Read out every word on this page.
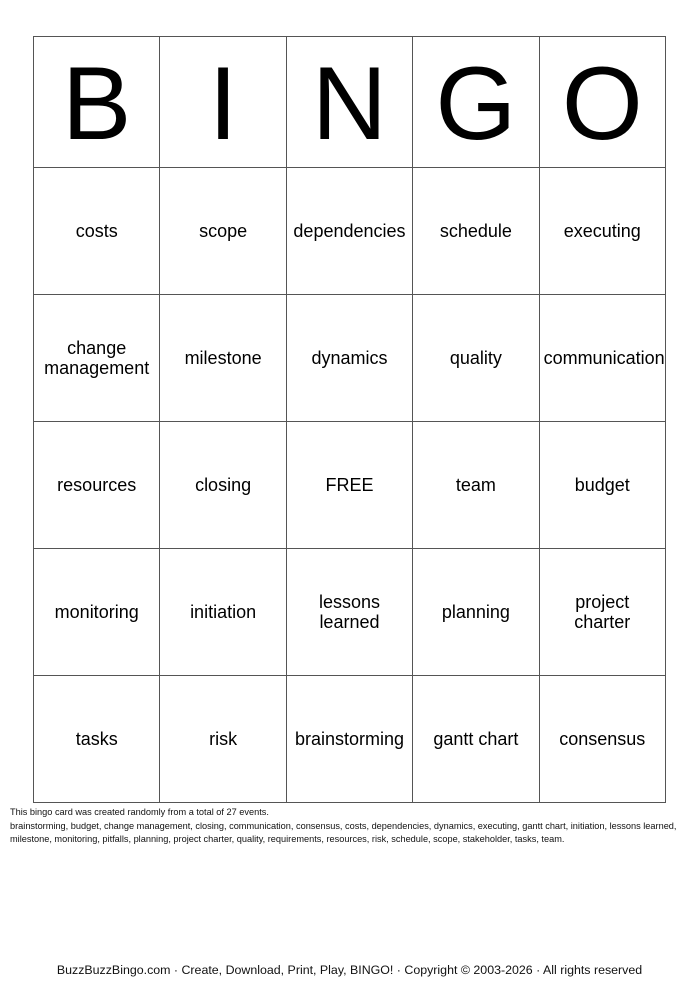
B	I	N	G	O
costs	scope	dependencies	schedule	executing
change management	milestone	dynamics	quality	communication
resources	closing	FREE	team	budget
monitoring	initiation	lessons learned	planning	project charter
tasks	risk	brainstorming	gantt chart	consensus
This bingo card was created randomly from a total of 27 events.
brainstorming, budget, change management, closing, communication, consensus, costs, dependencies, dynamics, executing, gantt chart, initiation, lessons learned, milestone, monitoring, pitfalls, planning, project charter, quality, requirements, resources, risk, schedule, scope, stakeholder, tasks, team.
BuzzBuzzBingo.com · Create, Download, Print, Play, BINGO! · Copyright © 2003-2026 · All rights reserved
